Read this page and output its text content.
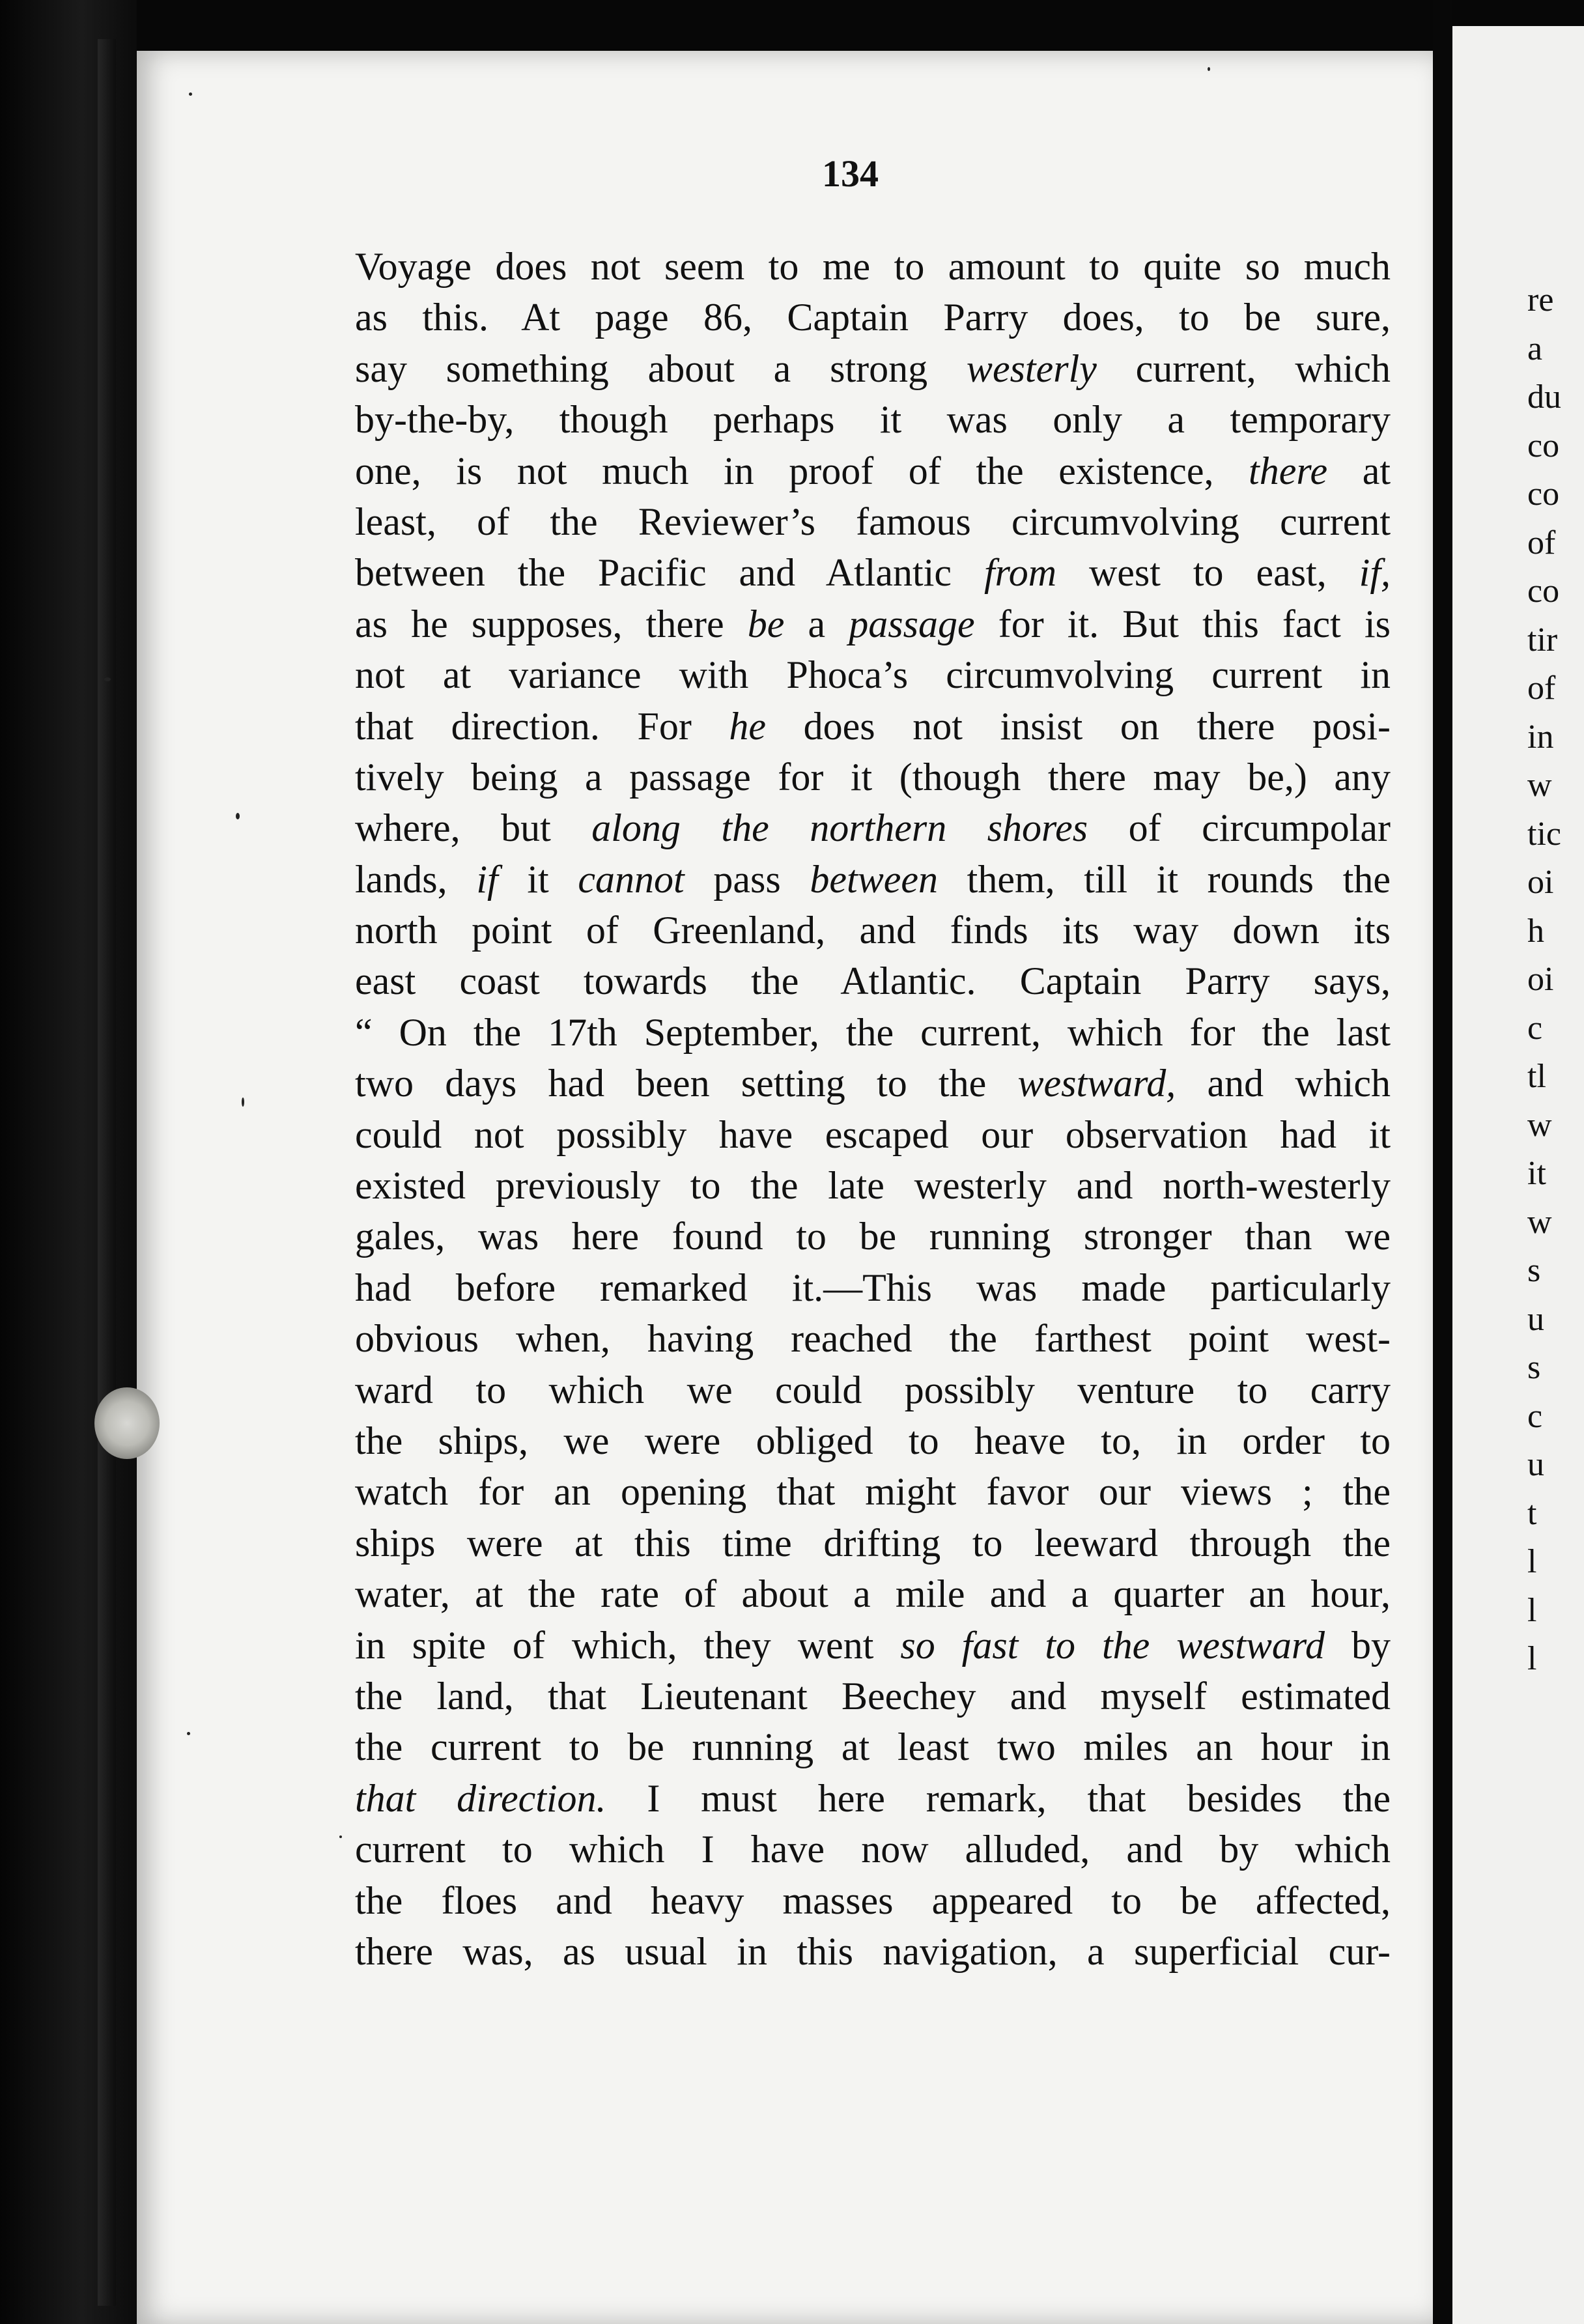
134
Voyage does not seem to me to amount to quite so much
as this. At page 86, Captain Parry does, to be sure,
say something about a strong westerly current, which
by-the-by, though perhaps it was only a temporary
one, is not much in proof of the existence, there at
least, of the Reviewer’s famous circumvolving current
between the Pacific and Atlantic from west to east, if,
as he supposes, there be a passage for it. But this fact is
not at variance with Phoca’s circumvolving current in
that direction. For he does not insist on there posi-
tively being a passage for it (though there may be,) any
where, but along the northern shores of circumpolar
lands, if it cannot pass between them, till it rounds the
north point of Greenland, and finds its way down its
east coast towards the Atlantic. Captain Parry says,
“ On the 17th September, the current, which for the last
two days had been setting to the westward, and which
could not possibly have escaped our observation had it
existed previously to the late westerly and north-westerly
gales, was here found to be running stronger than we
had before remarked it.—This was made particularly
obvious when, having reached the farthest point west-
ward to which we could possibly venture to carry
the ships, we were obliged to heave to, in order to
watch for an opening that might favor our views ; the
ships were at this time drifting to leeward through the
water, at the rate of about a mile and a quarter an hour,
in spite of which, they went so fast to the westward by
the land, that Lieutenant Beechey and myself estimated
the current to be running at least two miles an hour in
that direction. I must here remark, that besides the
current to which I have now alluded, and by which
the floes and heavy masses appeared to be affected,
there was, as usual in this navigation, a superficial cur-
re
a
du
co
co
of
co
tir
of
in
w
tic
oi
h
oi
c
tl
w
it
w
s
u
s
c
u
t
l
l
l
